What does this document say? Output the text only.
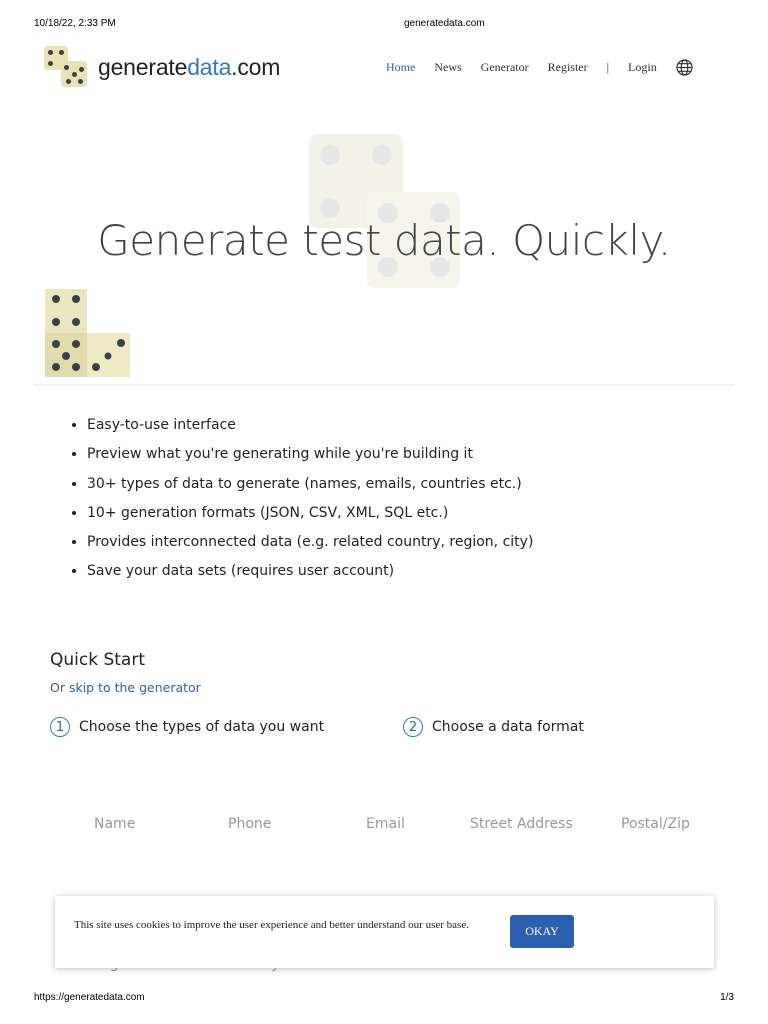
10/18/22, 2:33 PM	generatedata.com
https://generatedata.com	1/3
generatedata.com	Home News Generator Register | Login
Generate test data. Quickly.
• Easy-to-use interface
• Preview what you're generating while you're building it
• 30+ types of data to generate (names, emails, countries etc.)
• 10+ generation formats (JSON, CSV, XML, SQL etc.)
• Provides interconnected data (e.g. related country, region, city)
• Save your data sets (requires user account)
Quick Start
Or skip to the generator
1	Choose the types of data you want	2	Choose a data format
Name	Phone	Email	Street Address	Postal/Zip
This site uses cookies to improve the user experience and better understand our user base.	OKAY
